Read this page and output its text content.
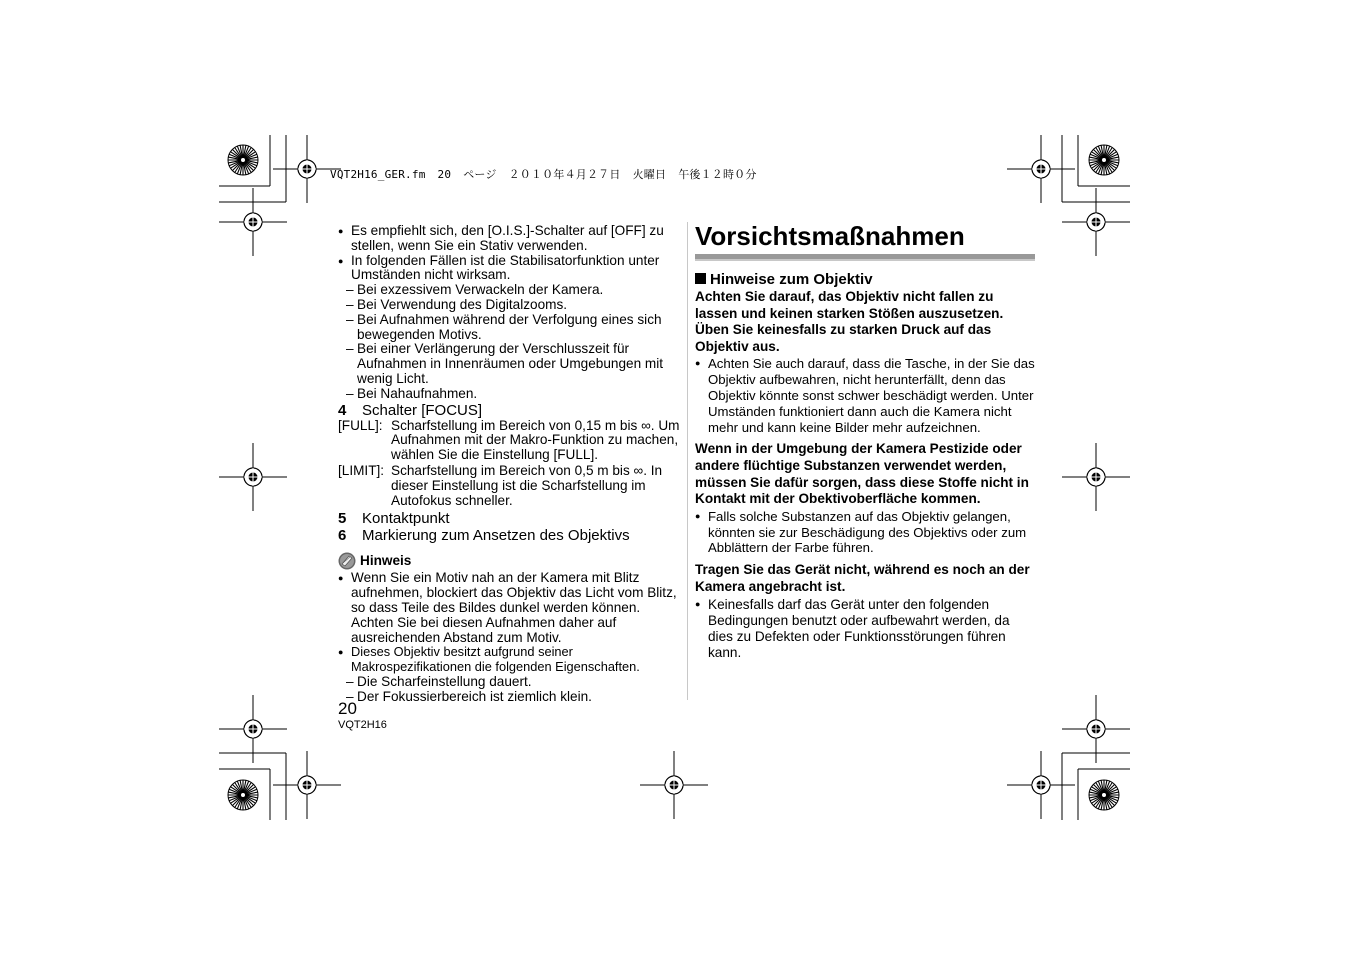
VQT2H16_GER.fm 20 ページ ２０１０年４月２７日 火曜日 午後１２時０分
● Es empfiehlt sich, den [O.I.S.]-Schalter auf [OFF] zu stellen, wenn Sie ein Stativ verwenden.
● In folgenden Fällen ist die Stabilisatorfunktion unter Umständen nicht wirksam.
– Bei exzessivem Verwackeln der Kamera.
– Bei Verwendung des Digitalzooms.
– Bei Aufnahmen während der Verfolgung eines sich bewegenden Motivs.
– Bei einer Verlängerung der Verschlusszeit für Aufnahmen in Innenräumen oder Umgebungen mit wenig Licht.
– Bei Nahaufnahmen.
4	Schalter [FOCUS]
[FULL]: Scharfstellung im Bereich von 0,15 m bis ∞. Um Aufnahmen mit der Makro-Funktion zu machen, wählen Sie die Einstellung [FULL].
[LIMIT]: Scharfstellung im Bereich von 0,5 m bis ∞. In dieser Einstellung ist die Scharfstellung im Autofokus schneller.
5	Kontaktpunkt
6	Markierung zum Ansetzen des Objektivs
Hinweis
● Wenn Sie ein Motiv nah an der Kamera mit Blitz aufnehmen, blockiert das Objektiv das Licht vom Blitz, so dass Teile des Bildes dunkel werden können. Achten Sie bei diesen Aufnahmen daher auf ausreichenden Abstand zum Motiv.
● Dieses Objektiv besitzt aufgrund seiner Makrospezifikationen die folgenden Eigenschaften.
– Die Scharfeinstellung dauert.
– Der Fokussierbereich ist ziemlich klein.
Vorsichtsmaßnahmen
Hinweise zum Objektiv
Achten Sie darauf, das Objektiv nicht fallen zu lassen und keinen starken Stößen auszusetzen. Üben Sie keinesfalls zu starken Druck auf das Objektiv aus.
● Achten Sie auch darauf, dass die Tasche, in der Sie das Objektiv aufbewahren, nicht herunterfällt, denn das Objektiv könnte sonst schwer beschädigt werden. Unter Umständen funktioniert dann auch die Kamera nicht mehr und kann keine Bilder mehr aufzeichnen.
Wenn in der Umgebung der Kamera Pestizide oder andere flüchtige Substanzen verwendet werden, müssen Sie dafür sorgen, dass diese Stoffe nicht in Kontakt mit der Obektivoberfläche kommen.
● Falls solche Substanzen auf das Objektiv gelangen, könnten sie zur Beschädigung des Objektivs oder zum Abblättern der Farbe führen.
Tragen Sie das Gerät nicht, während es noch an der Kamera angebracht ist.
● Keinesfalls darf das Gerät unter den folgenden Bedingungen benutzt oder aufbewahrt werden, da dies zu Defekten oder Funktionsstörungen führen kann.
20
VQT2H16
